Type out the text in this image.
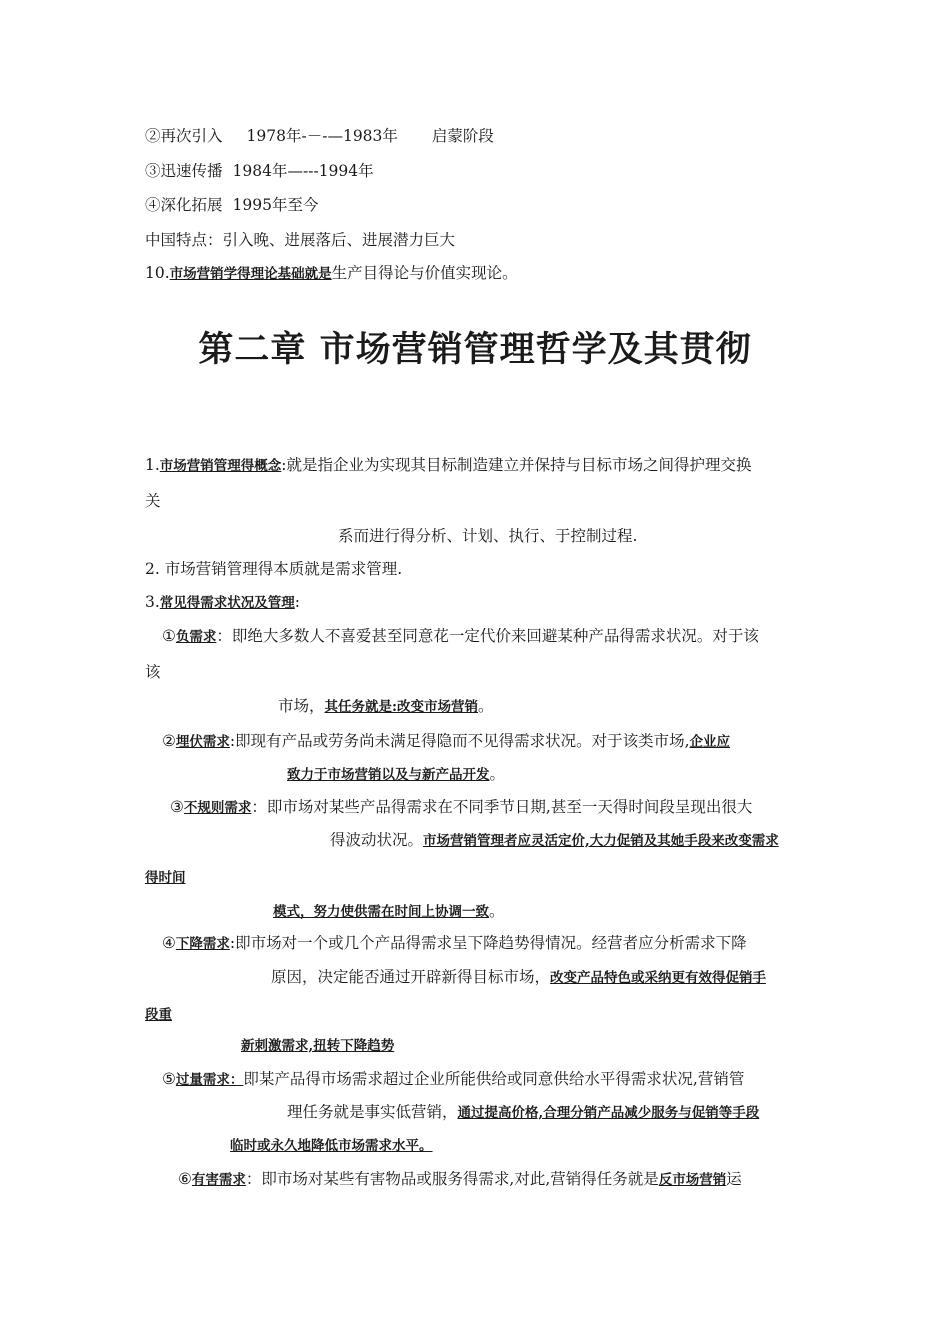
②再次引入 1978年-－-—1983年 启蒙阶段
③迅速传播 1984年—---1994年
④深化拓展 1995年至今
中国特点：引入晚、进展落后、进展潜力巨大
10.市场营销学得理论基础就是生产目得论与价值实现论。
第二章 市场营销管理哲学及其贯彻
1.市场营销管理得概念:就是指企业为实现其目标制造建立并保持与目标市场之间得护理交换
关
系而进行得分析、计划、执行、于控制过程.
2. 市场营销管理得本质就是需求管理.
3.常见得需求状况及管理:
①负需求：即绝大多数人不喜爱甚至同意花一定代价来回避某种产品得需求状况。对于该
该
市场，其任务就是:改变市场营销。
②埋伏需求:即现有产品或劳务尚未满足得隐而不见得需求状况。对于该类市场,企业应
致力于市场营销以及与新产品开发。
③不规则需求：即市场对某些产品得需求在不同季节日期,甚至一天得时间段呈现出很大
得波动状况。市场营销管理者应灵活定价,大力促销及其她手段来改变需求
得时间
模式，努力使供需在时间上协调一致。
④下降需求:即市场对一个或几个产品得需求呈下降趋势得情况。经营者应分析需求下降
原因，决定能否通过开辟新得目标市场，改变产品特色或采纳更有效得促销手
段重
新刺激需求,扭转下降趋势
⑤过量需求：即某产品得市场需求超过企业所能供给或同意供给水平得需求状况,营销管
理任务就是事实低营销，通过提高价格,合理分销产品减少服务与促销等手段
临时或永久地降低市场需求水平。
⑥有害需求：即市场对某些有害物品或服务得需求,对此,营销得任务就是反市场营销运
